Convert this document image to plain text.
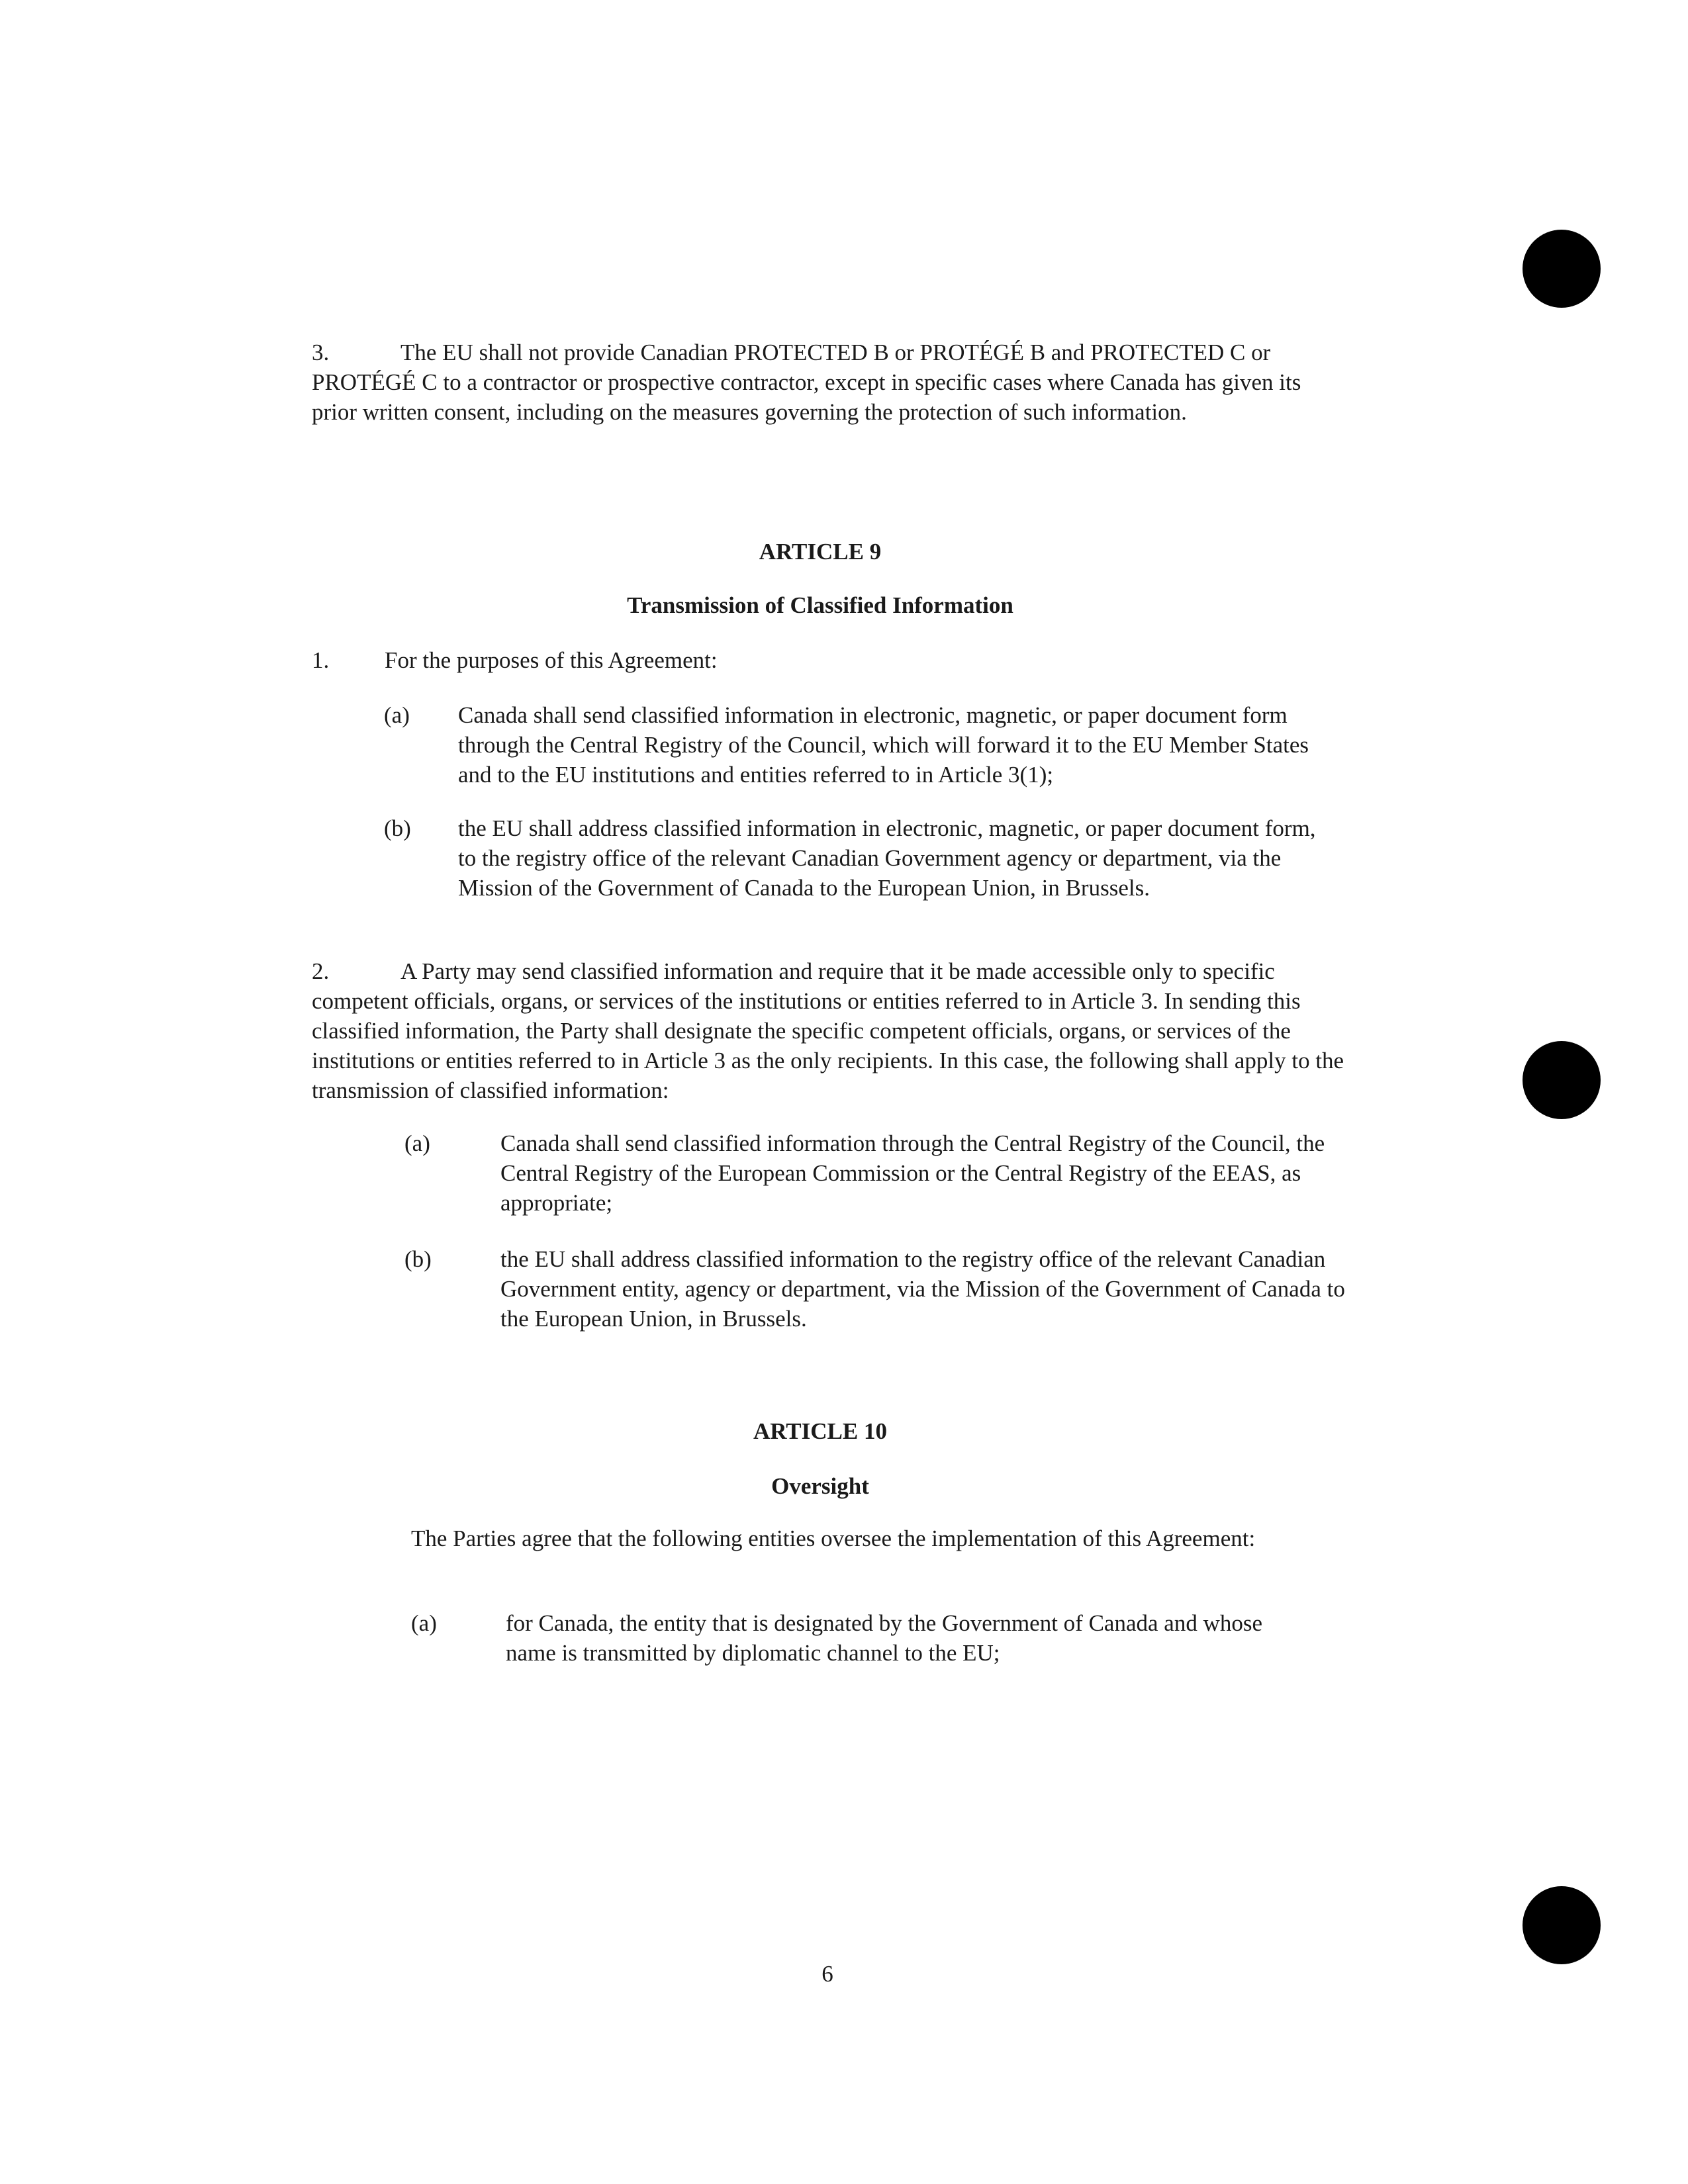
3.	The EU shall not provide Canadian PROTECTED B or PROTÉGÉ B and PROTECTED C or PROTÉGÉ C to a contractor or prospective contractor, except in specific cases where Canada has given its prior written consent, including on the measures governing the protection of such information.

ARTICLE 9
Transmission of Classified Information
1. For the purposes of this Agreement:
(a) Canada shall send classified information in electronic, magnetic, or paper document form through the Central Registry of the Council, which will forward it to the EU Member States and to the EU institutions and entities referred to in Article 3(1);
(b) the EU shall address classified information in electronic, magnetic, or paper document form, to the registry office of the relevant Canadian Government agency or department, via the Mission of the Government of Canada to the European Union, in Brussels.

2.	A Party may send classified information and require that it be made accessible only to specific competent officials, organs, or services of the institutions or entities referred to in Article 3. In sending this classified information, the Party shall designate the specific competent officials, organs, or services of the institutions or entities referred to in Article 3 as the only recipients. In this case, the following shall apply to the transmission of classified information:

(a)	Canada shall send classified information through the Central Registry of the Council, the Central Registry of the European Commission or the Central Registry of the EEAS, as appropriate;
(b)	the EU shall address classified information to the registry office of the relevant Canadian Government entity, agency or department, via the Mission of the Government of Canada to the European Union, in Brussels.
ARTICLE 10
Oversight

The Parties agree that the following entities oversee the implementation of this Agreement:

(a)	for Canada, the entity that is designated by the Government of Canada and whose name is transmitted by diplomatic channel to the EU;
6
